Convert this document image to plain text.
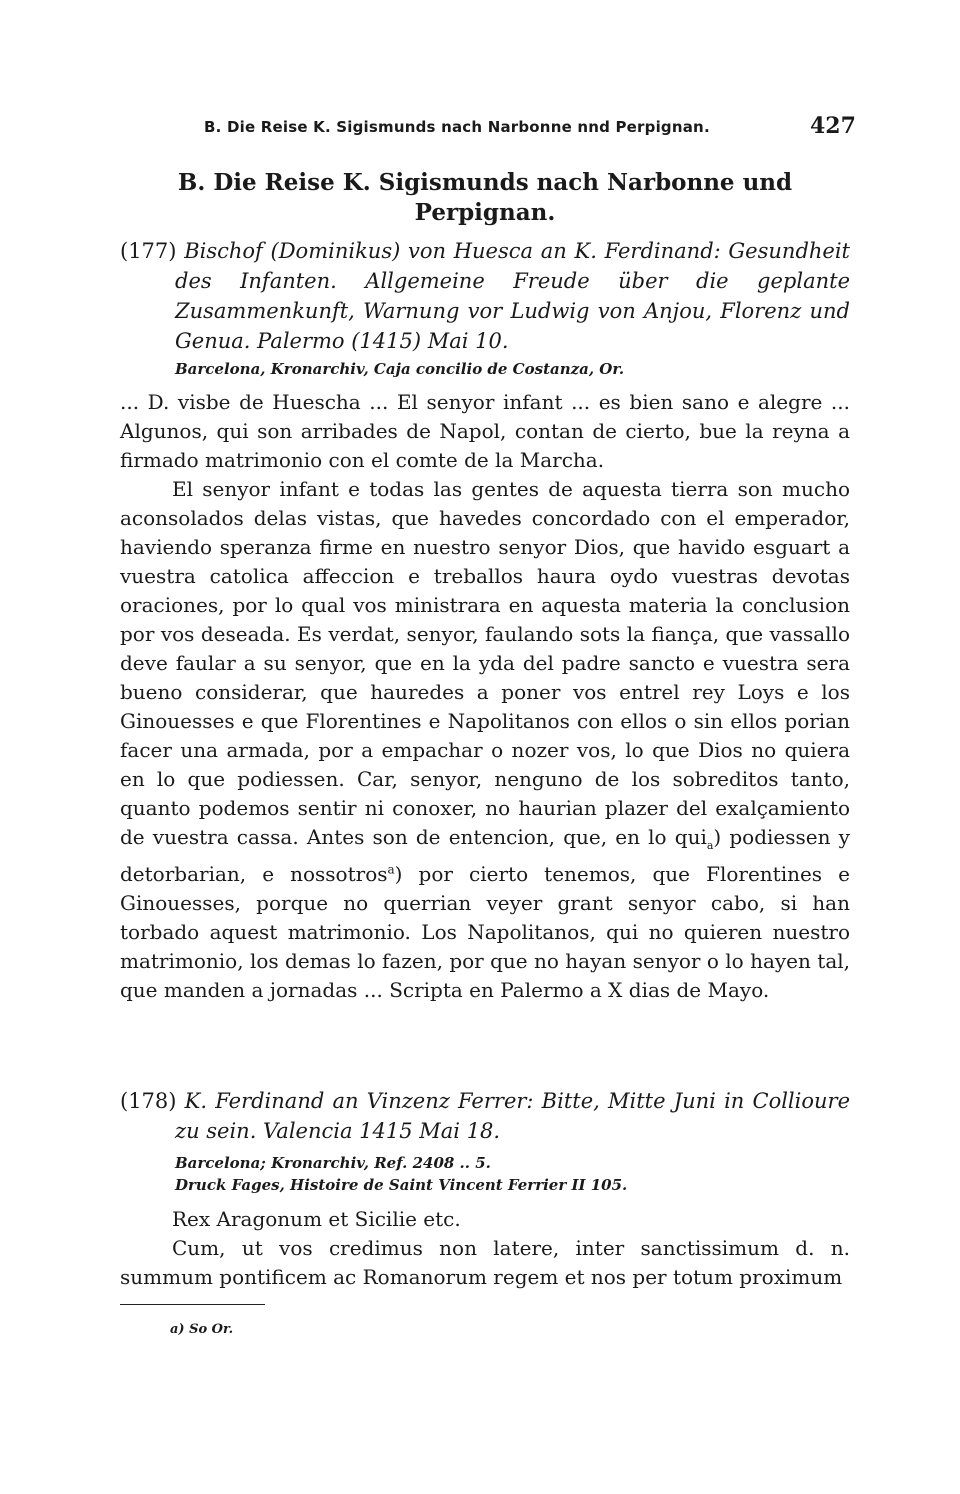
B. Die Reise K. Sigismunds nach Narbonne nnd Perpignan.	427
B. Die Reise K. Sigismunds nach Narbonne und Perpignan.
(177) Bischof (Dominikus) von Huesca an K. Ferdinand: Gesundheit des Infanten. Allgemeine Freude über die geplante Zusammenkunft, Warnung vor Ludwig von Anjou, Florenz und Genua. Palermo (1415) Mai 10.
Barcelona, Kronarchiv, Caja concilio de Costanza, Or.

... D. visbe de Huescha ... El senyor infant ... es bien sano e alegre ... Algunos, qui son arribades de Napol, contan de cierto, bue la reyna a firmado matrimonio con el comte de la Marcha.

El senyor infant e todas las gentes de aquesta tierra son mucho aconsolados delas vistas, que havedes concordado con el emperador, haviendo speranza firme en nuestro senyor Dios, que havido esguart a vuestra catolica affeccion e treballos haura oydo vuestras devotas oraciones, por lo qual vos ministrara en aquesta materia la conclusion por vos deseada. Es verdat, senyor, faulando sots la fiança, que vassallo deve faular a su senyor, que en la yda del padre sancto e vuestra sera bueno considerar, que hauredes a poner vos entrel rey Loys e los Ginouesses e que Florentines e Napolitanos con ellos o sin ellos porian facer una armada, por a empachar o nozer vos, lo que Dios no quiera en lo que podiessen. Car, senyor, nenguno de los sobreditos tanto, quanto podemos sentir ni conoxer, no haurian plazer del exalçamiento de vuestra cassa. Antes son de entencion, que, en lo qui$_a$) podiessen y detorbarian, e nossotros$^a$) por cierto tenemos, que Florentines e Ginouesses, porque no querrian veyer grant senyor cabo, si han torbado aquest matrimonio. Los Napolitanos, qui no quieren nuestro matrimonio, los demas lo fazen, por que no hayan senyor o lo hayen tal, que manden a jornadas ... Scripta en Palermo a X dias de Mayo.

(178) K. Ferdinand an Vinzenz Ferrer: Bitte, Mitte Juni in Collioure zu sein. Valencia 1415 Mai 18.
Barcelona; Kronarchiv, Ref. 2408 .. 5.
Druck Fages, Histoire de Saint Vincent Ferrier II 105.

Rex Aragonum et Sicilie etc.

Cum, ut vos credimus non latere, inter sanctissimum d. n. summum pontificem ac Romanorum regem et nos per totum proximum

a) So Or.
